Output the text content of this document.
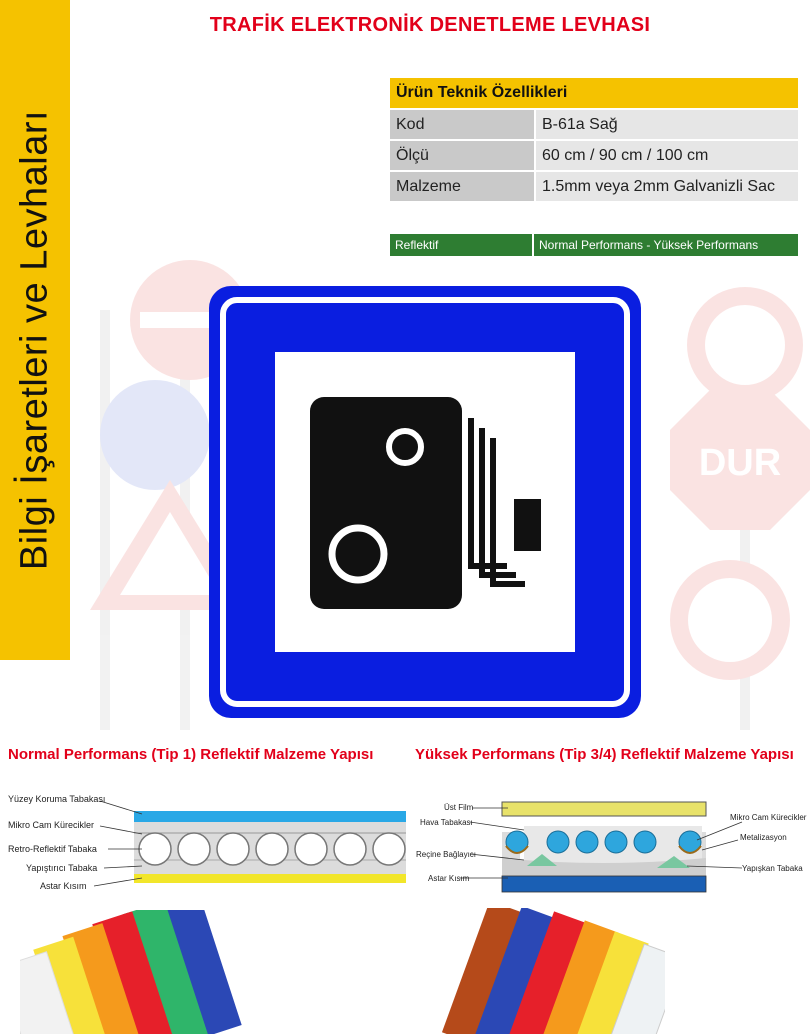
Bilgi İşaretleri ve Levhaları
TRAFİK ELEKTRONİK DENETLEME LEVHASI
Ürün Teknik Özellikleri	
Kod	B-61a Sağ
Ölçü	60 cm / 90 cm / 100 cm
Malzeme	1.5mm veya 2mm Galvanizli Sac
Reflektif	Normal Performans - Yüksek Performans
DUR
Normal Performans (Tip 1) Reflektif Malzeme Yapısı	Yüksek Performans (Tip 3/4) Reflektif Malzeme Yapısı
Yüzey Koruma Tabakası
Mikro Cam Kürecikler
Retro-Reflektif Tabaka
Yapıştırıcı Tabaka
Astar Kısım
Üst Film
Hava Tabakası
Reçine Bağlayıcı
Astar Kısım
Mikro Cam Kürecikler
Metalizasyon
Yapışkan Tabaka
